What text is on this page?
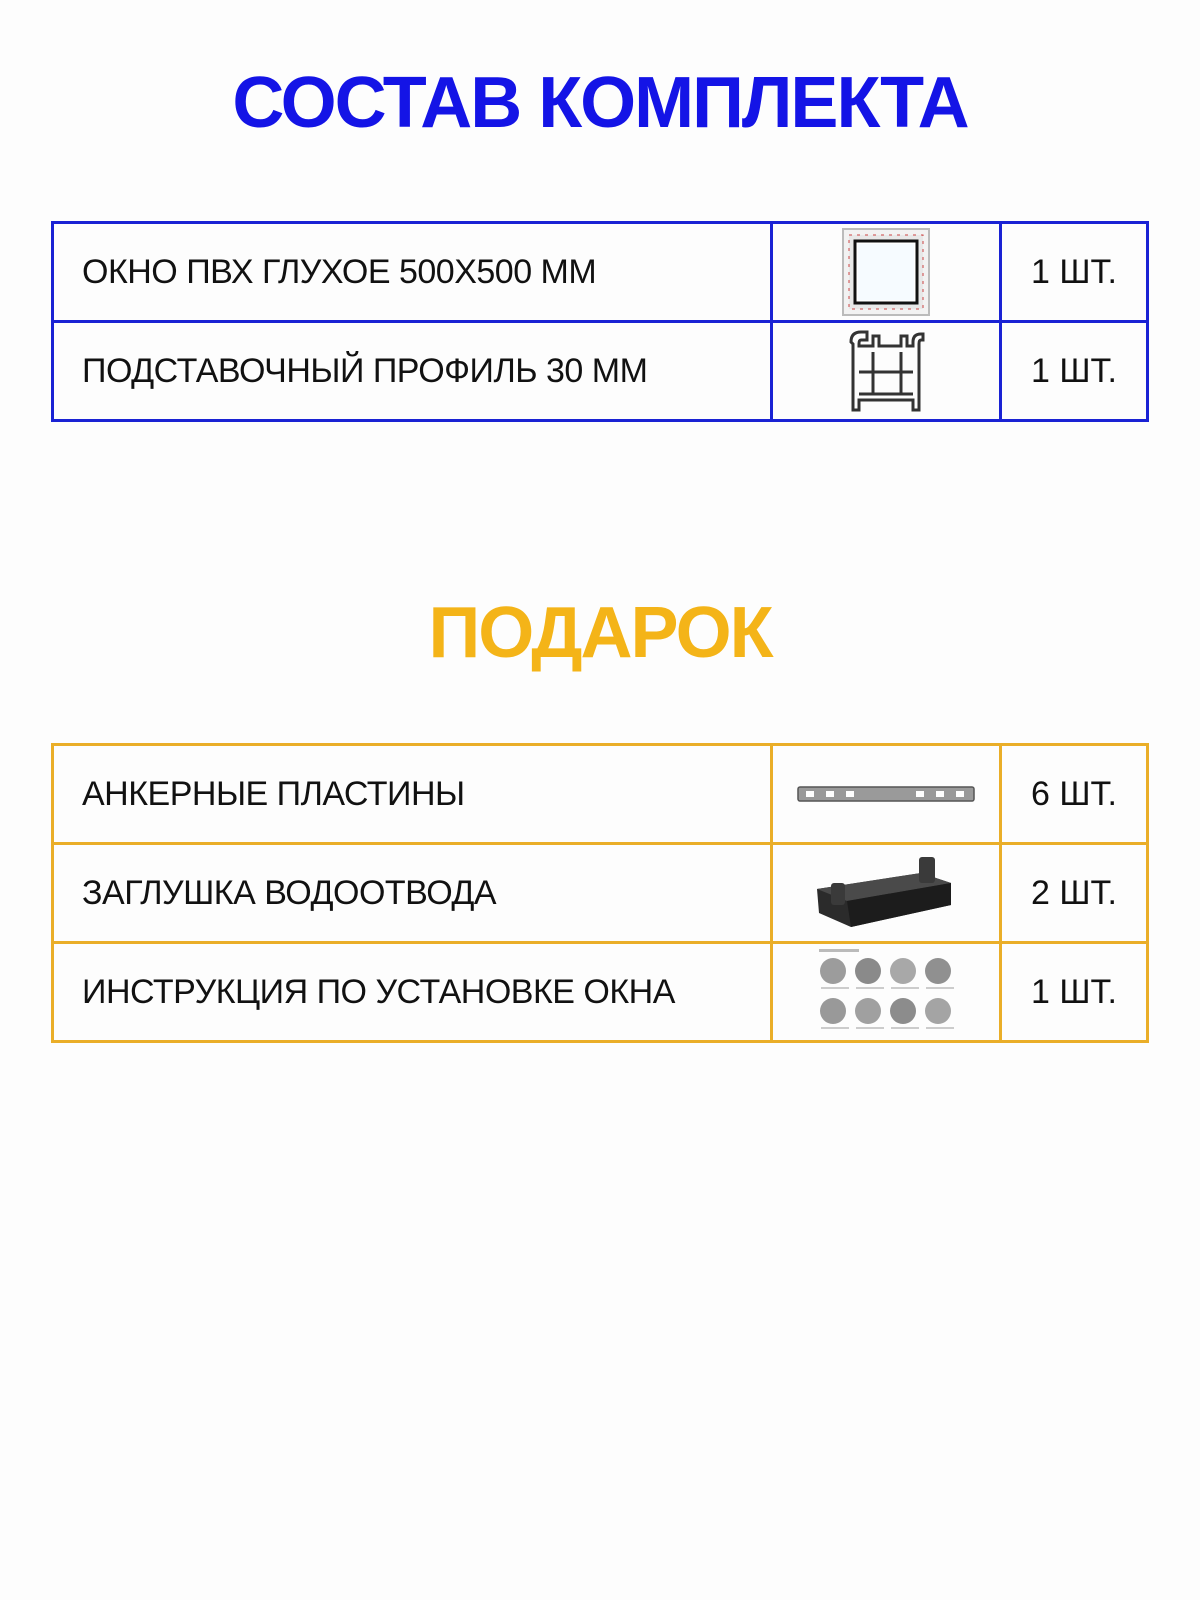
СОСТАВ КОМПЛЕКТА
ОКНО ПВХ ГЛУХОЕ 500Х500 ММ		1 ШТ.
ПОДСТАВОЧНЫЙ ПРОФИЛЬ 30 ММ		1 ШТ.
ПОДАРОК
АНКЕРНЫЕ ПЛАСТИНЫ		6 ШТ.
ЗАГЛУШКА ВОДООТВОДА		2 ШТ.
ИНСТРУКЦИЯ ПО УСТАНОВКЕ ОКНА		1 ШТ.
